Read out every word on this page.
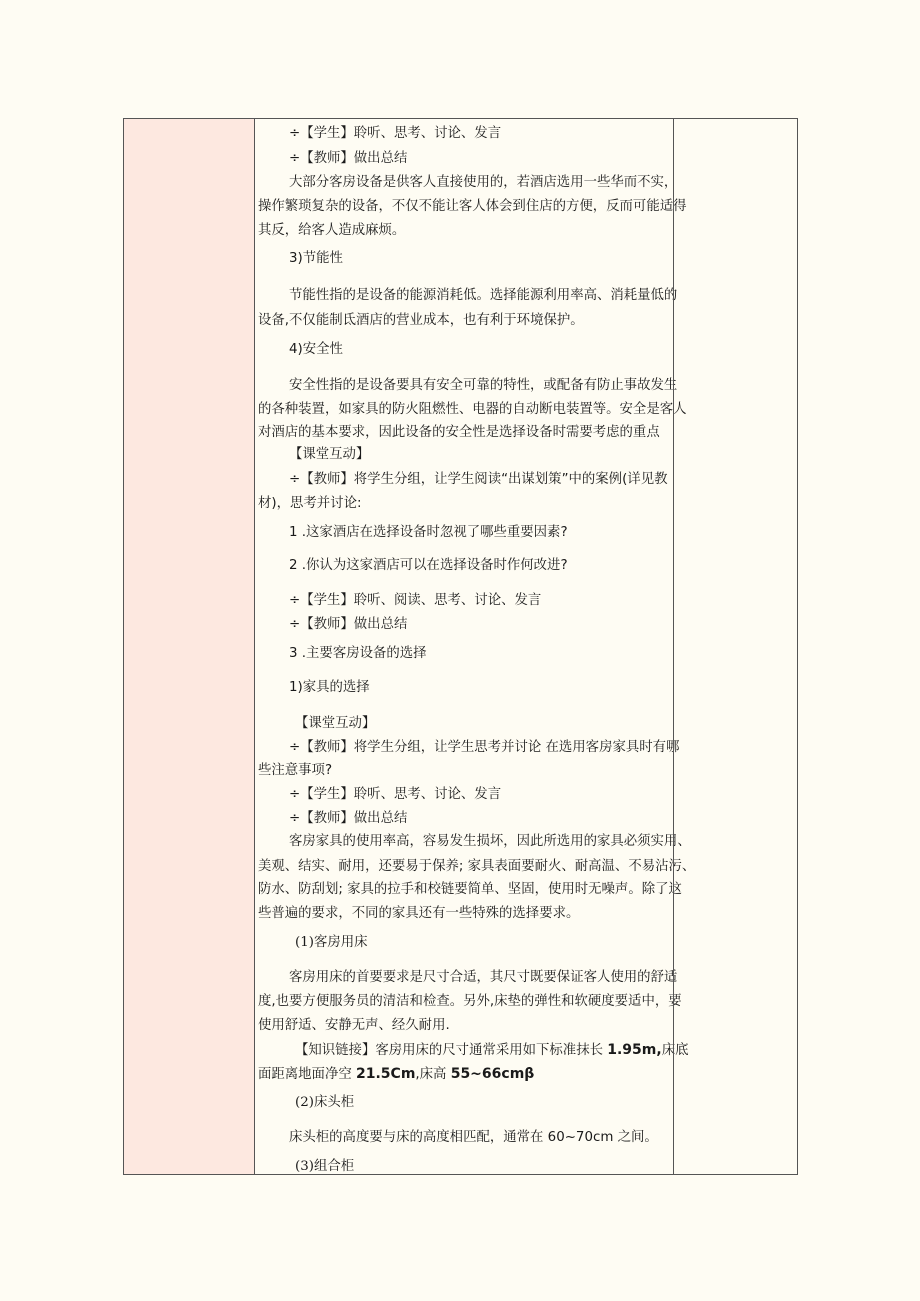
÷【学生】聆听、思考、讨论、发言
÷【教师】做出总结
大部分客房设备是供客人直接使用的，若酒店选用一些华而不实，
操作繁琐复杂的设备，不仅不能让客人体会到住店的方便，反而可能适得
其反，给客人造成麻烦。
3)节能性
节能性指的是设备的能源消耗低。选择能源利用率高、消耗量低的
设备,不仅能制氐酒店的营业成本，也有利于环境保护。
4)安全性
安全性指的是设备要具有安全可靠的特性，或配备有防止事故发生
的各种装置，如家具的防火阻燃性、电器的自动断电装置等。安全是客人
对酒店的基本要求，因此设备的安全性是选择设备时需要考虑的重点
【课堂互动】
÷【教师】将学生分组，让学生阅读“出谋划策”中的案例(详见教
材)，思考并讨论:
1 .这家酒店在选择设备时忽视了哪些重要因素?
2 .你认为这家酒店可以在选择设备时作何改进?
÷【学生】聆听、阅读、思考、讨论、发言
÷【教师】做出总结
3 .主要客房设备的选择
1)家具的选择
【课堂互动】
÷【教师】将学生分组，让学生思考并讨论 在选用客房家具时有哪
些注意事项?
÷【学生】聆听、思考、讨论、发言
÷【教师】做出总结
客房家具的使用率高，容易发生损坏，因此所选用的家具必须实用、
美观、结实、耐用，还要易于保养; 家具表面要耐火、耐高温、不易沾污、
防水、防刮划; 家具的拉手和校链要简单、坚固，使用时无噪声。除了这
些普遍的要求，不同的家具还有一些特殊的选择要求。
(1)客房用床
客房用床的首要要求是尺寸合适，其尺寸既要保证客人使用的舒适
度,也要方便服务员的清洁和检查。另外,床垫的弹性和软硬度要适中，要
使用舒适、安静无声、经久耐用.
【知识链接】客房用床的尺寸通常采用如下标准抹长 1.95m,床底
面距离地面净空 21.5Cm,床高 55~66cmβ
(2)床头柜
床头柜的高度要与床的高度相匹配，通常在 60~70cm 之间。
(3)组合柜
